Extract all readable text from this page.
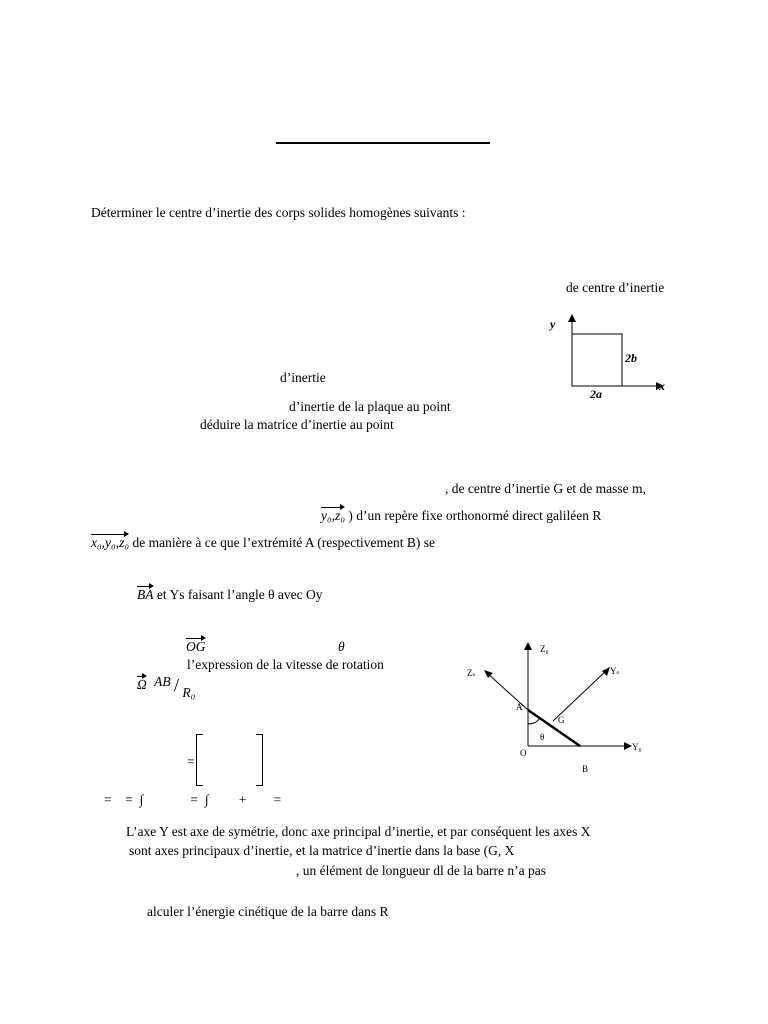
Déterminer le centre d’inertie des corps solides homogènes suivants :
de centre d’inertie
y
x
2b
2a
d’inertie
d’inertie de la plaque au point
déduire la matrice d’inertie au point
, de centre d’inertie G et de masse m,
y₀,z₀ ) d’un repère fixe orthonormé direct galiléen R
x₀,y₀,z₀ de manière à ce que l’extrémité A (respectivement B) se
BA et Ys faisant l’angle θ avec Oy
OG	θ
l’expression de la vitesse de rotation
Ω AB / R₀
Z₀
Zₛ	Yₛ
Y₀
A
G
O
B
θ
=
=    =  ∫              =  ∫         +        =
L’axe Y est axe de symétrie, donc axe principal d’inertie, et par conséquent les axes X
sont axes principaux d’inertie, et la matrice d’inertie dans la base (G, X
, un élément de longueur dl de la barre n’a pas
alculer l’énergie cinétique de la barre dans R
